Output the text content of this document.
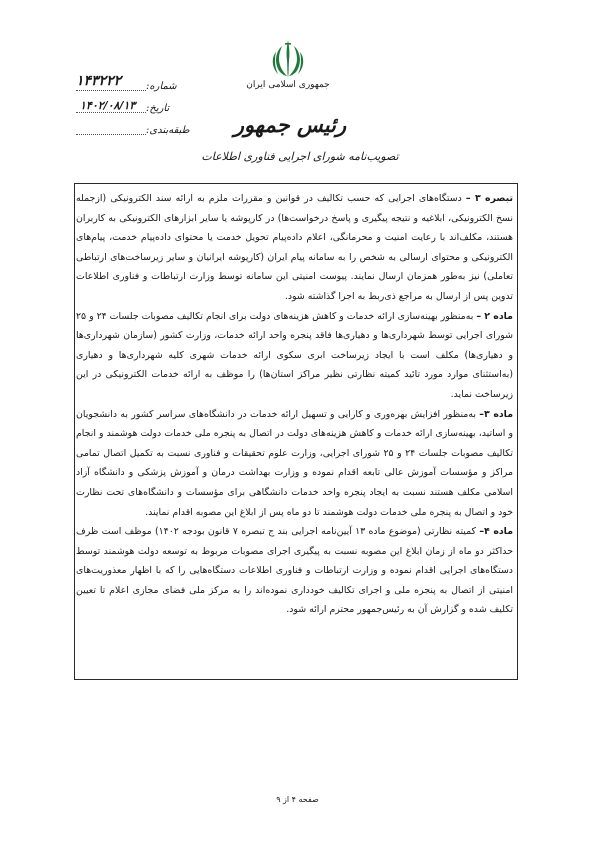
جمهوری اسلامی ایران
رئیس جمهور
تصویب‌نامه شورای اجرایی فناوری اطلاعات
شماره:
۱۴۳۲۲۲
تاریخ:
۱۴۰۲/۰۸/۱۳
طبقه‌بندی:

تبصره ۳ – دستگاه‌های اجرایی که حسب تکالیف در قوانین و مقررات ملزم به ارائه سند الکترونیکی (ازجمله نسخ الکترونیکی، ابلاغیه و نتیجه پیگیری و پاسخ درخواست‌ها) در کارپوشه یا سایر ابزارهای الکترونیکی به کاربران هستند، مکلف‌اند با رعایت امنیت و محرمانگی، اعلام داده‌پیام تحویل خدمت یا محتوای داده‌پیام خدمت، پیام‌های الکترونیکی و محتوای ارسالی به شخص را به سامانه پیام ایران (کارپوشه ایرانیان و سایر زیرساخت‌های ارتباطی تعاملی) نیز به‌طور همزمان ارسال نمایند. پیوست امنیتی این سامانه توسط وزارت ارتباطات و فناوری اطلاعات تدوین پس از ارسال به مراجع ذی‌ربط به اجرا گذاشته شود.

ماده ۲ – به‌منظور بهینه‌سازی ارائه خدمات و کاهش هزینه‌های دولت برای انجام تکالیف مصوبات جلسات ۲۴ و ۲۵ شورای اجرایی توسط شهرداری‌ها و دهیاری‌ها فاقد پنجره واحد ارائه خدمات، وزارت کشور (سازمان شهرداری‌ها و دهیاری‌ها) مکلف است با ایجاد زیرساخت ابری سکوی ارائه خدمات شهری کلیه شهرداری‌ها و دهیاری (به‌استثنای موارد مورد تائید کمیته نظارتی نظیر مراکز استان‌ها) را موظف به ارائه خدمات الکترونیکی در این زیرساخت نماید.

ماده ۳– به‌منظور افزایش بهره‌وری و کارایی و تسهیل ارائه خدمات در دانشگاه‌های سراسر کشور به دانشجویان و اساتید، بهینه‌سازی ارائه خدمات و کاهش هزینه‌های دولت در اتصال به پنجره ملی خدمات دولت هوشمند و انجام تکالیف مصوبات جلسات ۲۴ و ۲۵ شورای اجرایی، وزارت علوم تحقیقات و فناوری نسبت به تکمیل اتصال تمامی مراکز و مؤسسات آموزش عالی تابعه اقدام نموده و وزارت بهداشت درمان و آموزش پزشکی و دانشگاه آزاد اسلامی مکلف هستند نسبت به ایجاد پنجره واحد خدمات دانشگاهی برای مؤسسات و دانشگاه‌های تحت نظارت خود و اتصال به پنجره ملی خدمات دولت هوشمند تا دو ماه پس از ابلاغ این مصوبه اقدام نمایند.

ماده ۴– کمیته نظارتی (موضوع ماده ۱۳ آیین‌نامه اجرایی بند ج تبصره ۷ قانون بودجه ۱۴۰۲) موظف است ظرف حداکثر دو ماه از زمان ابلاغ این مصوبه نسبت به پیگیری اجرای مصوبات مربوط به توسعه دولت هوشمند توسط دستگاه‌های اجرایی اقدام نموده و وزارت ارتباطات و فناوری اطلاعات دستگاه‌هایی را که با اظهار معذوریت‌های امنیتی از اتصال به پنجره ملی و اجرای تکالیف خودداری نموده‌اند را به مرکز ملی فضای مجازی اعلام تا تعیین تکلیف شده و گزارش آن به رئیس‌جمهور محترم ارائه شود.

صفحه ۴ از ۹
